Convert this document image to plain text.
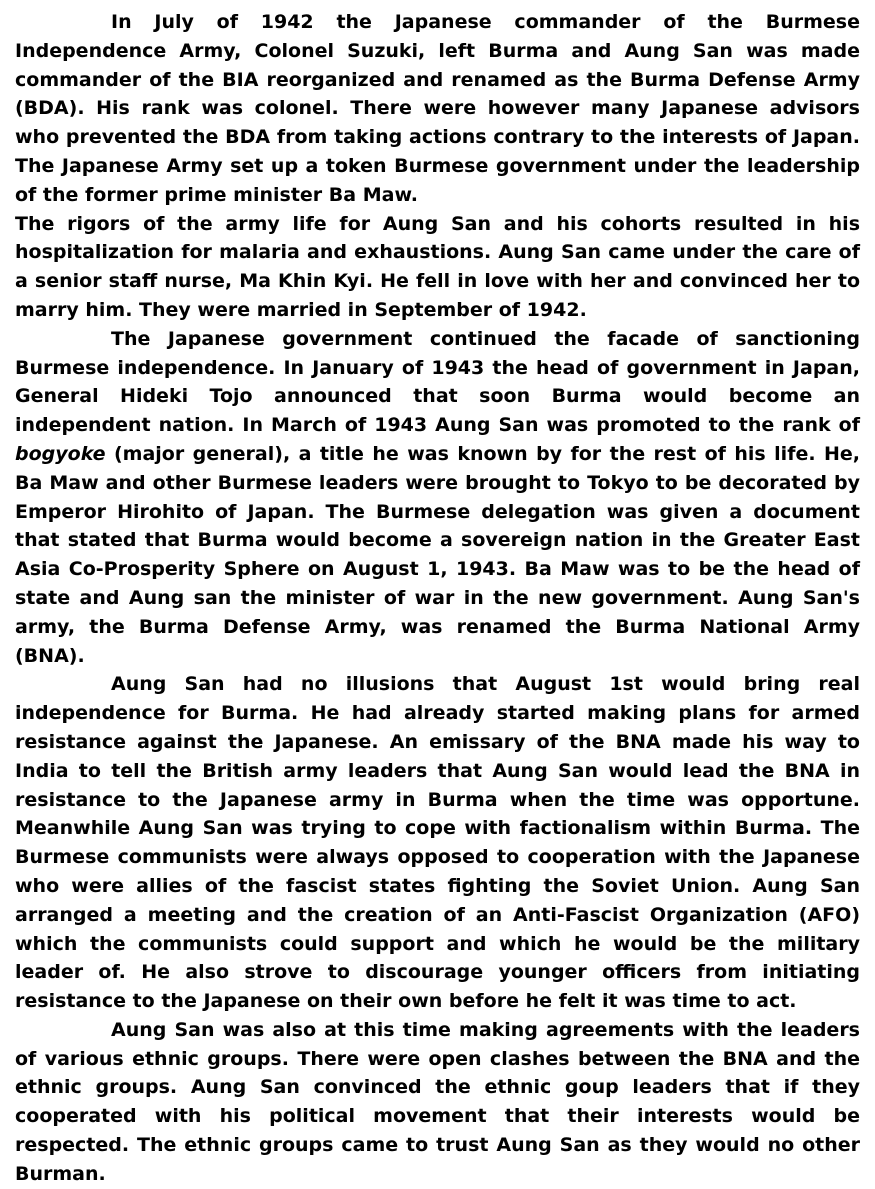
In July of 1942 the Japanese commander of the Burmese Independence Army, Colonel Suzuki, left Burma and Aung San was made commander of the BIA reorganized and renamed as the Burma Defense Army (BDA). His rank was colonel. There were however many Japanese advisors who prevented the BDA from taking actions contrary to the interests of Japan. The Japanese Army set up a token Burmese government under the leadership of the former prime minister Ba Maw.

The rigors of the army life for Aung San and his cohorts resulted in his hospitalization for malaria and exhaustions. Aung San came under the care of a senior staff nurse, Ma Khin Kyi. He fell in love with her and convinced her to marry him. They were married in September of 1942.

The Japanese government continued the facade of sanctioning Burmese independence. In January of 1943 the head of government in Japan, General Hideki Tojo announced that soon Burma would become an independent nation. In March of 1943 Aung San was promoted to the rank of bogyoke (major general), a title he was known by for the rest of his life. He, Ba Maw and other Burmese leaders were brought to Tokyo to be decorated by Emperor Hirohito of Japan. The Burmese delegation was given a document that stated that Burma would become a sovereign nation in the Greater East Asia Co-Prosperity Sphere on August 1, 1943. Ba Maw was to be the head of state and Aung san the minister of war in the new government. Aung San's army, the Burma Defense Army, was renamed the Burma National Army (BNA).

Aung San had no illusions that August 1st would bring real independence for Burma. He had already started making plans for armed resistance against the Japanese. An emissary of the BNA made his way to India to tell the British army leaders that Aung San would lead the BNA in resistance to the Japanese army in Burma when the time was opportune. Meanwhile Aung San was trying to cope with factionalism within Burma. The Burmese communists were always opposed to cooperation with the Japanese who were allies of the fascist states fighting the Soviet Union. Aung San arranged a meeting and the creation of an Anti-Fascist Organization (AFO) which the communists could support and which he would be the military leader of. He also strove to discourage younger officers from initiating resistance to the Japanese on their own before he felt it was time to act.

Aung San was also at this time making agreements with the leaders of various ethnic groups. There were open clashes between the BNA and the ethnic groups. Aung San convinced the ethnic goup leaders that if they cooperated with his political movement that their interests would be respected. The ethnic groups came to trust Aung San as they would no other Burman.
